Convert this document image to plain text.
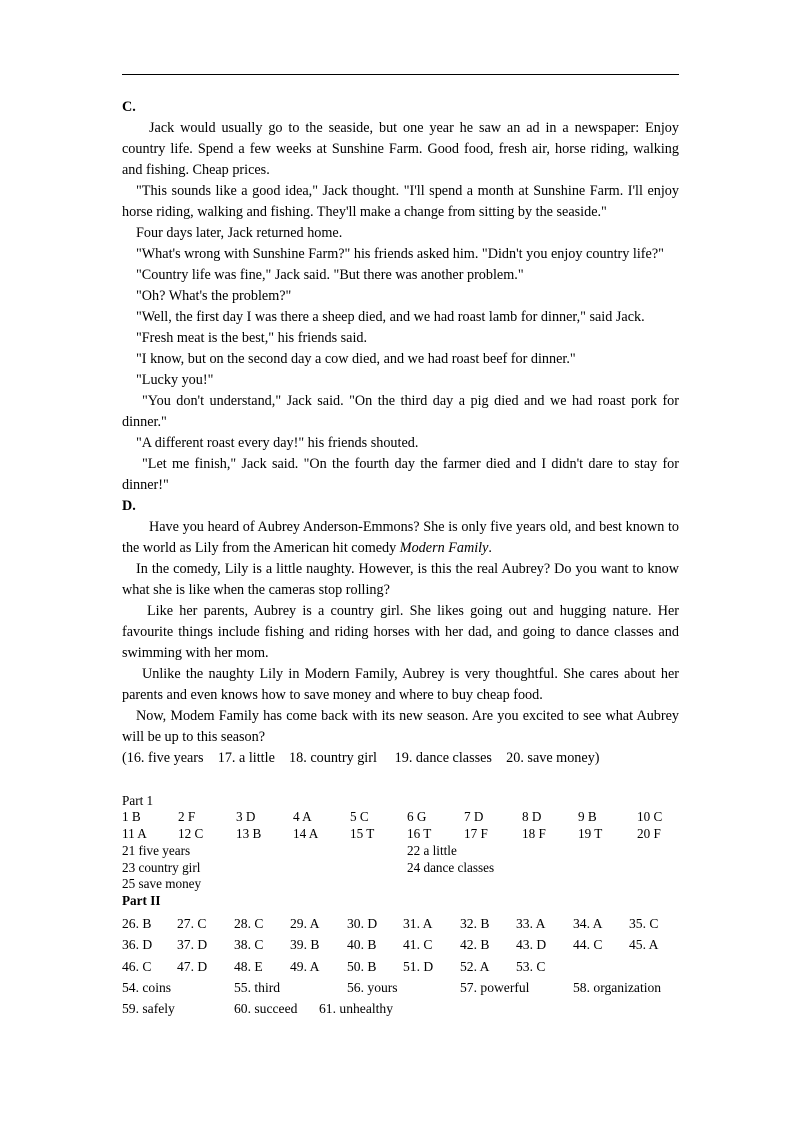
C.
Jack would usually go to the seaside, but one year he saw an ad in a newspaper: Enjoy country life. Spend a few weeks at Sunshine Farm. Good food, fresh air, horse riding, walking and fishing. Cheap prices.
"This sounds like a good idea," Jack thought. "I'll spend a month at Sunshine Farm. I'll enjoy horse riding, walking and fishing. They'll make a change from sitting by the seaside."
Four days later, Jack returned home.
"What's wrong with Sunshine Farm?" his friends asked him. "Didn't you enjoy country life?"
"Country life was fine," Jack said. "But there was another problem."
"Oh? What's the problem?"
"Well, the first day I was there a sheep died, and we had roast lamb for dinner," said Jack.
"Fresh meat is the best," his friends said.
"I know, but on the second day a cow died, and we had roast beef for dinner."
"Lucky you!"
"You don't understand," Jack said. "On the third day a pig died and we had roast pork for dinner."
"A different roast every day!" his friends shouted.
"Let me finish," Jack said. "On the fourth day the farmer died and I didn't dare to stay for dinner!"
D.
Have you heard of Aubrey Anderson-Emmons? She is only five years old, and best known to the world as Lily from the American hit comedy Modern Family.
In the comedy, Lily is a little naughty. However, is this the real Aubrey? Do you want to know what she is like when the cameras stop rolling?
Like her parents, Aubrey is a country girl. She likes going out and hugging nature. Her favourite things include fishing and riding horses with her dad, and going to dance classes and swimming with her mom.
Unlike the naughty Lily in Modern Family, Aubrey is very thoughtful. She cares about her parents and even knows how to save money and where to buy cheap food.
Now, Modem Family has come back with its new season. Are you excited to see what Aubrey will be up to this season?
(16. five years    17. a little    18. country girl     19. dance classes    20. save money)
Part 1
1 B	2 F	3 D	4 A	5 C	6 G	7 D	8 D	9 B	10 C
11 A 12 C 13 B 14 A 15 T 16 T 17 F	18 F 19 T	20 F
21 five years	22 a little
23 country girl	24 dance classes
25 save money
Part II
26. B 27. C 28. C 29. A 30. D 31. A 32. B 33. A 34. A 35. C
36. D 37. D 38. C 39. B 40. B 41. C 42. B 43. D 44. C 45. A
46. C 47. D 48. E 49. A 50. B 51. D 52. A 53. C
54. coins	55. third	56. yours	57. powerful	58. organization
59. safely	60. succeed 61. unhealthy
